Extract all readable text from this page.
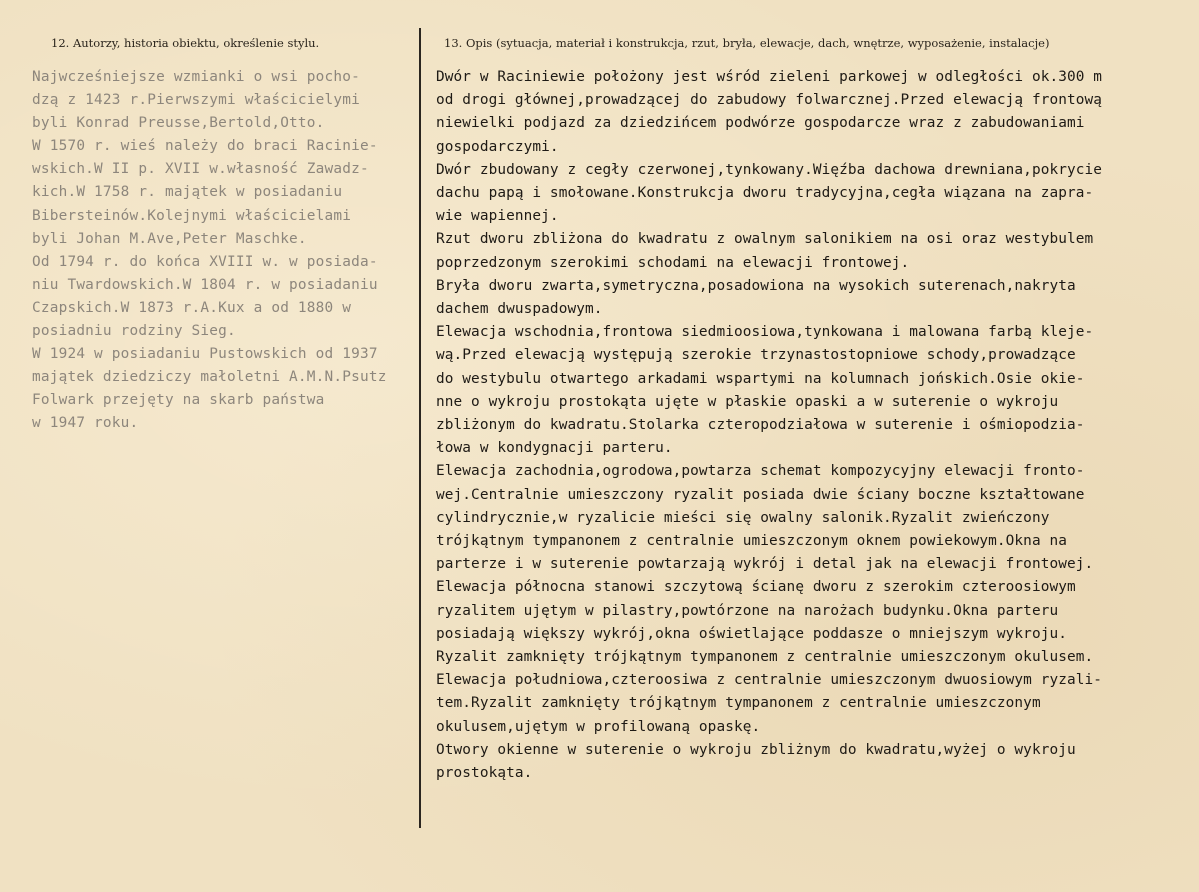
12. Autorzy, historia obiektu, określenie stylu.	13. Opis (sytuacja, materiał i konstrukcja, rzut, bryła, elewacje, dach, wnętrze, wyposażenie, instalacje)
Najwcześniejsze wzmianki o wsi pocho-
dzą z 1423 r.Pierwszymi właścicielymi
byli Konrad Preusse,Bertold,Otto.
W 1570 r. wieś należy do braci Racinie-
wskich.W II p. XVII w.własność Zawadz-
kich.W 1758 r. majątek w posiadaniu
Bibersteinów.Kolejnymi właścicielami
byli Johan M.Ave,Peter Maschke.
Od 1794 r. do końca XVIII w. w posiada-
niu Twardowskich.W 1804 r. w posiadaniu
Czapskich.W 1873 r.A.Kux a od 1880 w
posiadniu rodziny Sieg.
W 1924 w posiadaniu Pustowskich od 1937
majątek dziedziczy małoletni A.M.N.Psutz
Folwark przejęty na skarb państwa
w 1947 roku.
Dwór w Raciniewie położony jest wśród zieleni parkowej w odległości ok.300 m
od drogi głównej,prowadzącej do zabudowy folwarcznej.Przed elewacją frontową
niewielki podjazd za dziedzińcem podwórze gospodarcze wraz z zabudowaniami
gospodarczymi.
Dwór zbudowany z cegły czerwonej,tynkowany.Więźba dachowa drewniana,pokrycie
dachu papą i smołowane.Konstrukcja dworu tradycyjna,cegła wiązana na zapra-
wie wapiennej.
Rzut dworu zbliżona do kwadratu z owalnym salonikiem na osi oraz westybulem
poprzedzonym szerokimi schodami na elewacji frontowej.
Bryła dworu zwarta,symetryczna,posadowiona na wysokich suterenach,nakryta
dachem dwuspadowym.
Elewacja wschodnia,frontowa siedmioosiowa,tynkowana i malowana farbą kleje-
wą.Przed elewacją występują szerokie trzynastostopniowe schody,prowadzące
do westybulu otwartego arkadami wspartymi na kolumnach jońskich.Osie okie-
nne o wykroju prostokąta ujęte w płaskie opaski a w suterenie o wykroju
zbliżonym do kwadratu.Stolarka czteropodziałowa w suterenie i ośmiopodzia-
łowa w kondygnacji parteru.
Elewacja zachodnia,ogrodowa,powtarza schemat kompozycyjny elewacji fronto-
wej.Centralnie umieszczony ryzalit posiada dwie ściany boczne kształtowane
cylindrycznie,w ryzalicie mieści się owalny salonik.Ryzalit zwieńczony
trójkątnym tympanonem z centralnie umieszczonym oknem powiekowym.Okna na
parterze i w suterenie powtarzają wykrój i detal jak na elewacji frontowej.
Elewacja północna stanowi szczytową ścianę dworu z szerokim czteroosiowym
ryzalitem ujętym w pilastry,powtórzone na narożach budynku.Okna parteru
posiadają większy wykrój,okna oświetlające poddasze o mniejszym wykroju.
Ryzalit zamknięty trójkątnym tympanonem z centralnie umieszczonym okulusem.
Elewacja południowa,czteroosiwa z centralnie umieszczonym dwuosiowym ryzali-
tem.Ryzalit zamknięty trójkątnym tympanonem z centralnie umieszczonym
okulusem,ujętym w profilowaną opaskę.
Otwory okienne w suterenie o wykroju zbliżnym do kwadratu,wyżej o wykroju
prostokąta.
